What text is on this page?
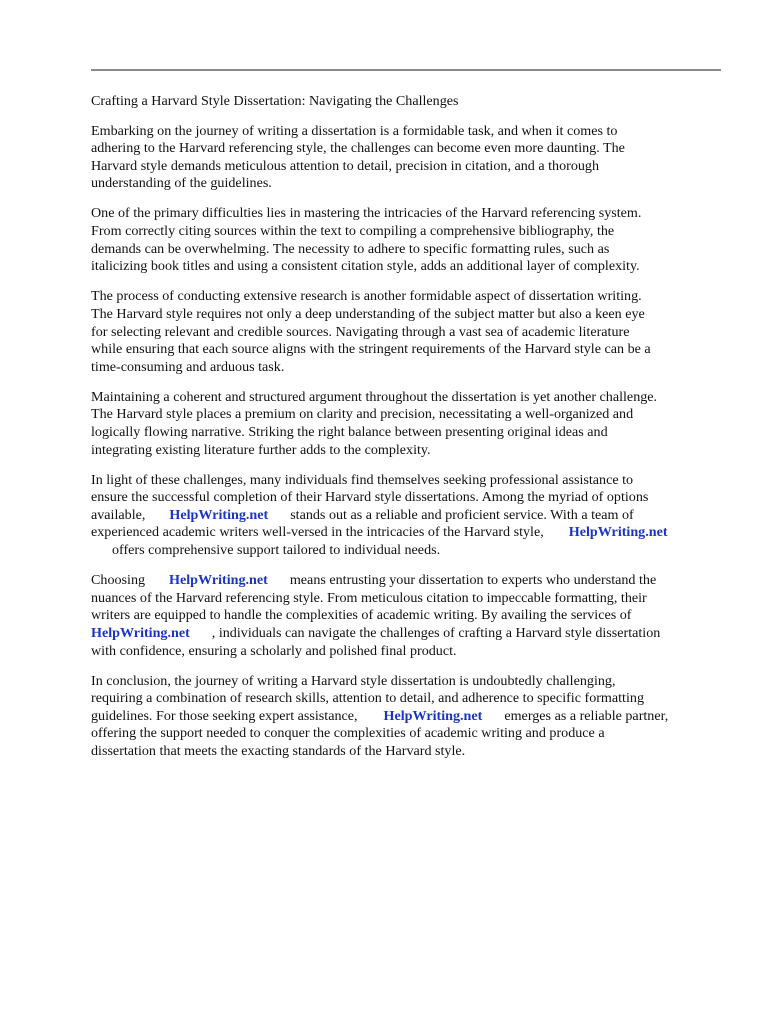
Crafting a Harvard Style Dissertation: Navigating the Challenges

Embarking on the journey of writing a dissertation is a formidable task, and when it comes to
adhering to the Harvard referencing style, the challenges can become even more daunting. The
Harvard style demands meticulous attention to detail, precision in citation, and a thorough
understanding of the guidelines.

One of the primary difficulties lies in mastering the intricacies of the Harvard referencing system.
From correctly citing sources within the text to compiling a comprehensive bibliography, the
demands can be overwhelming. The necessity to adhere to specific formatting rules, such as
italicizing book titles and using a consistent citation style, adds an additional layer of complexity.

The process of conducting extensive research is another formidable aspect of dissertation writing.
The Harvard style requires not only a deep understanding of the subject matter but also a keen eye
for selecting relevant and credible sources. Navigating through a vast sea of academic literature
while ensuring that each source aligns with the stringent requirements of the Harvard style can be a
time-consuming and arduous task.

Maintaining a coherent and structured argument throughout the dissertation is yet another challenge.
The Harvard style places a premium on clarity and precision, necessitating a well-organized and
logically flowing narrative. Striking the right balance between presenting original ideas and
integrating existing literature further adds to the complexity.

In light of these challenges, many individuals find themselves seeking professional assistance to
ensure the successful completion of their Harvard style dissertations. Among the myriad of options
available, HelpWriting.net stands out as a reliable and proficient service. With a team of
experienced academic writers well-versed in the intricacies of the Harvard style, HelpWriting.net
offers comprehensive support tailored to individual needs.

Choosing HelpWriting.net means entrusting your dissertation to experts who understand the
nuances of the Harvard referencing style. From meticulous citation to impeccable formatting, their
writers are equipped to handle the complexities of academic writing. By availing the services of
HelpWriting.net , individuals can navigate the challenges of crafting a Harvard style dissertation
with confidence, ensuring a scholarly and polished final product.

In conclusion, the journey of writing a Harvard style dissertation is undoubtedly challenging,
requiring a combination of research skills, attention to detail, and adherence to specific formatting
guidelines. For those seeking expert assistance, HelpWriting.net emerges as a reliable partner,
offering the support needed to conquer the complexities of academic writing and produce a
dissertation that meets the exacting standards of the Harvard style.
